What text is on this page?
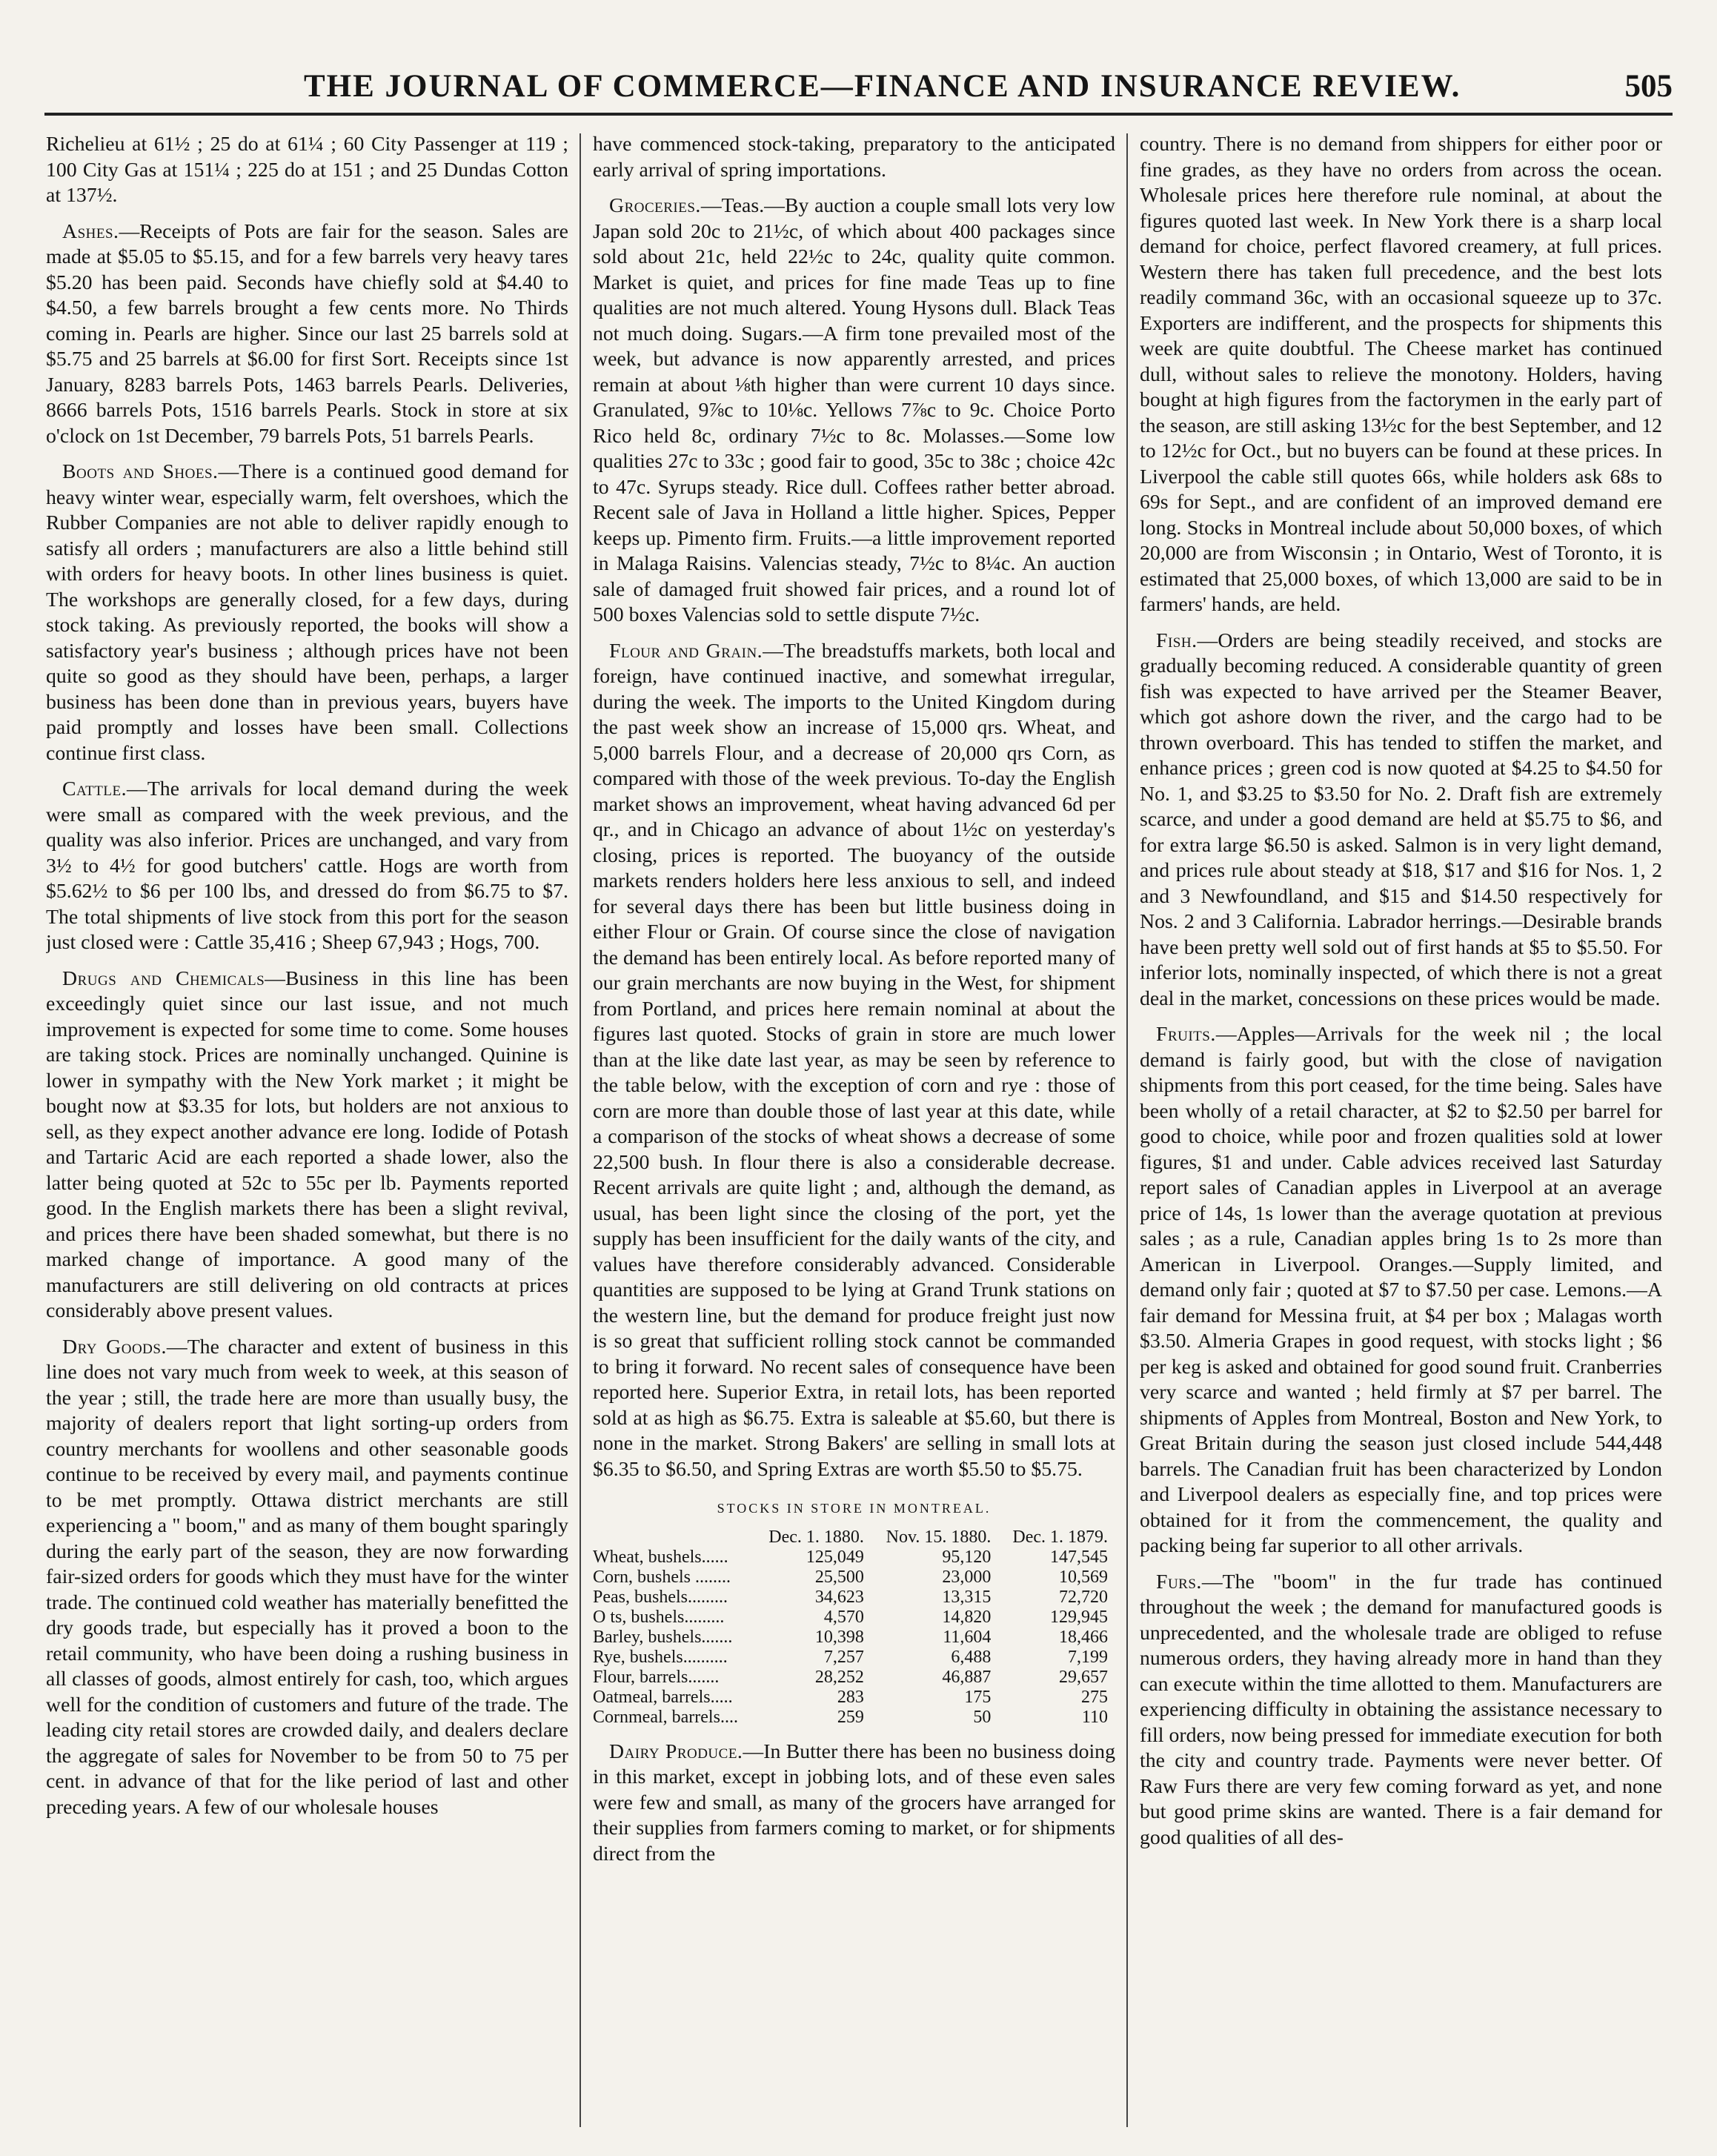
THE JOURNAL OF COMMERCE—FINANCE AND INSURANCE REVIEW.	505

Richelieu at 61½ ; 25 do at 61¼ ; 60 City Passenger at 119 ; 100 City Gas at 151¼ ; 225 do at 151 ; and 25 Dundas Cotton at 137½.

Ashes.—Receipts of Pots are fair for the season. Sales are made at $5.05 to $5.15, and for a few barrels very heavy tares $5.20 has been paid. Seconds have chiefly sold at $4.40 to $4.50, a few barrels brought a few cents more. No Thirds coming in. Pearls are higher. Since our last 25 barrels sold at $5.75 and 25 barrels at $6.00 for first Sort. Receipts since 1st January, 8283 barrels Pots, 1463 barrels Pearls. Deliveries, 8666 barrels Pots, 1516 barrels Pearls. Stock in store at six o'clock on 1st December, 79 barrels Pots, 51 barrels Pearls.

Boots and Shoes.—There is a continued good demand for heavy winter wear, especially warm, felt overshoes, which the Rubber Companies are not able to deliver rapidly enough to satisfy all orders ; manufacturers are also a little behind still with orders for heavy boots. In other lines business is quiet. The workshops are generally closed, for a few days, during stock taking. As previously reported, the books will show a satisfactory year's business ; although prices have not been quite so good as they should have been, perhaps, a larger business has been done than in previous years, buyers have paid promptly and losses have been small. Collections continue first class.

Cattle.—The arrivals for local demand during the week were small as compared with the week previous, and the quality was also inferior. Prices are unchanged, and vary from 3½ to 4½ for good butchers' cattle. Hogs are worth from $5.62½ to $6 per 100 lbs, and dressed do from $6.75 to $7. The total shipments of live stock from this port for the season just closed were : Cattle 35,416 ; Sheep 67,943 ; Hogs, 700.

Drugs and Chemicals—Business in this line has been exceedingly quiet since our last issue, and not much improvement is expected for some time to come. Some houses are taking stock. Prices are nominally unchanged. Quinine is lower in sympathy with the New York market ; it might be bought now at $3.35 for lots, but holders are not anxious to sell, as they expect another advance ere long. Iodide of Potash and Tartaric Acid are each reported a shade lower, also the latter being quoted at 52c to 55c per lb. Payments reported good. In the English markets there has been a slight revival, and prices there have been shaded somewhat, but there is no marked change of importance. A good many of the manufacturers are still delivering on old contracts at prices considerably above present values.

Dry Goods.—The character and extent of business in this line does not vary much from week to week, at this season of the year ; still, the trade here are more than usually busy, the majority of dealers report that light sorting-up orders from country merchants for woollens and other seasonable goods continue to be received by every mail, and payments continue to be met promptly. Ottawa district merchants are still experiencing a " boom," and as many of them bought sparingly during the early part of the season, they are now forwarding fair-sized orders for goods which they must have for the winter trade. The continued cold weather has materially benefitted the dry goods trade, but especially has it proved a boon to the retail community, who have been doing a rushing business in all classes of goods, almost entirely for cash, too, which argues well for the condition of customers and future of the trade. The leading city retail stores are crowded daily, and dealers declare the aggregate of sales for November to be from 50 to 75 per cent. in advance of that for the like period of last and other preceding years. A few of our wholesale houses

have commenced stock-taking, preparatory to the anticipated early arrival of spring importations.

Groceries.—Teas.—By auction a couple small lots very low Japan sold 20c to 21½c, of which about 400 packages since sold about 21c, held 22½c to 24c, quality quite common. Market is quiet, and prices for fine made Teas up to fine qualities are not much altered. Young Hysons dull. Black Teas not much doing. Sugars.—A firm tone prevailed most of the week, but advance is now apparently arrested, and prices remain at about ⅛th higher than were current 10 days since. Granulated, 9⅞c to 10⅛c. Yellows 7⅞c to 9c. Choice Porto Rico held 8c, ordinary 7½c to 8c. Molasses.—Some low qualities 27c to 33c ; good fair to good, 35c to 38c ; choice 42c to 47c. Syrups steady. Rice dull. Coffees rather better abroad. Recent sale of Java in Holland a little higher. Spices, Pepper keeps up. Pimento firm. Fruits.—a little improvement reported in Malaga Raisins. Valencias steady, 7½c to 8¼c. An auction sale of damaged fruit showed fair prices, and a round lot of 500 boxes Valencias sold to settle dispute 7½c.

Flour and Grain.—The breadstuffs markets, both local and foreign, have continued inactive, and somewhat irregular, during the week. The imports to the United Kingdom during the past week show an increase of 15,000 qrs. Wheat, and 5,000 barrels Flour, and a decrease of 20,000 qrs Corn, as compared with those of the week previous. To-day the English market shows an improvement, wheat having advanced 6d per qr., and in Chicago an advance of about 1½c on yesterday's closing, prices is reported. The buoyancy of the outside markets renders holders here less anxious to sell, and indeed for several days there has been but little business doing in either Flour or Grain. Of course since the close of navigation the demand has been entirely local. As before reported many of our grain merchants are now buying in the West, for shipment from Portland, and prices here remain nominal at about the figures last quoted. Stocks of grain in store are much lower than at the like date last year, as may be seen by reference to the table below, with the exception of corn and rye : those of corn are more than double those of last year at this date, while a comparison of the stocks of wheat shows a decrease of some 22,500 bush. In flour there is also a considerable decrease. Recent arrivals are quite light ; and, although the demand, as usual, has been light since the closing of the port, yet the supply has been insufficient for the daily wants of the city, and values have therefore considerably advanced. Considerable quantities are supposed to be lying at Grand Trunk stations on the western line, but the demand for produce freight just now is so great that sufficient rolling stock cannot be commanded to bring it forward. No recent sales of consequence have been reported here. Superior Extra, in retail lots, has been reported sold at as high as $6.75. Extra is saleable at $5.60, but there is none in the market. Strong Bakers' are selling in small lots at $6.35 to $6.50, and Spring Extras are worth $5.50 to $5.75.

STOCKS IN STORE IN MONTREAL.
	Dec. 1. 1880.	Nov. 15. 1880.	Dec. 1. 1879.
Wheat, bushels......	125,049	95,120	147,545
Corn, bushels ........	25,500	23,000	10,569
Peas, bushels.........	34,623	13,315	72,720
O ts, bushels.........	4,570	14,820	129,945
Barley, bushels.......	10,398	11,604	18,466
Rye, bushels..........	7,257	6,488	7,199
Flour, barrels.......	28,252	46,887	29,657
Oatmeal, barrels.....	283	175	275
Cornmeal, barrels....	259	50	110

Dairy Produce.—In Butter there has been no business doing in this market, except in jobbing lots, and of these even sales were few and small, as many of the grocers have arranged for their supplies from farmers coming to market, or for shipments direct from the

country. There is no demand from shippers for either poor or fine grades, as they have no orders from across the ocean. Wholesale prices here therefore rule nominal, at about the figures quoted last week. In New York there is a sharp local demand for choice, perfect flavored creamery, at full prices. Western there has taken full precedence, and the best lots readily command 36c, with an occasional squeeze up to 37c. Exporters are indifferent, and the prospects for shipments this week are quite doubtful. The Cheese market has continued dull, without sales to relieve the monotony. Holders, having bought at high figures from the factorymen in the early part of the season, are still asking 13½c for the best September, and 12 to 12½c for Oct., but no buyers can be found at these prices. In Liverpool the cable still quotes 66s, while holders ask 68s to 69s for Sept., and are confident of an improved demand ere long. Stocks in Montreal include about 50,000 boxes, of which 20,000 are from Wisconsin ; in Ontario, West of Toronto, it is estimated that 25,000 boxes, of which 13,000 are said to be in farmers' hands, are held.

Fish.—Orders are being steadily received, and stocks are gradually becoming reduced. A considerable quantity of green fish was expected to have arrived per the Steamer Beaver, which got ashore down the river, and the cargo had to be thrown overboard. This has tended to stiffen the market, and enhance prices ; green cod is now quoted at $4.25 to $4.50 for No. 1, and $3.25 to $3.50 for No. 2. Draft fish are extremely scarce, and under a good demand are held at $5.75 to $6, and for extra large $6.50 is asked. Salmon is in very light demand, and prices rule about steady at $18, $17 and $16 for Nos. 1, 2 and 3 Newfoundland, and $15 and $14.50 respectively for Nos. 2 and 3 California. Labrador herrings.—Desirable brands have been pretty well sold out of first hands at $5 to $5.50. For inferior lots, nominally inspected, of which there is not a great deal in the market, concessions on these prices would be made.

Fruits.—Apples—Arrivals for the week nil ; the local demand is fairly good, but with the close of navigation shipments from this port ceased, for the time being. Sales have been wholly of a retail character, at $2 to $2.50 per barrel for good to choice, while poor and frozen qualities sold at lower figures, $1 and under. Cable advices received last Saturday report sales of Canadian apples in Liverpool at an average price of 14s, 1s lower than the average quotation at previous sales ; as a rule, Canadian apples bring 1s to 2s more than American in Liverpool. Oranges.—Supply limited, and demand only fair ; quoted at $7 to $7.50 per case. Lemons.—A fair demand for Messina fruit, at $4 per box ; Malagas worth $3.50. Almeria Grapes in good request, with stocks light ; $6 per keg is asked and obtained for good sound fruit. Cranberries very scarce and wanted ; held firmly at $7 per barrel. The shipments of Apples from Montreal, Boston and New York, to Great Britain during the season just closed include 544,448 barrels. The Canadian fruit has been characterized by London and Liverpool dealers as especially fine, and top prices were obtained for it from the commencement, the quality and packing being far superior to all other arrivals.

Furs.—The "boom" in the fur trade has continued throughout the week ; the demand for manufactured goods is unprecedented, and the wholesale trade are obliged to refuse numerous orders, they having already more in hand than they can execute within the time allotted to them. Manufacturers are experiencing difficulty in obtaining the assistance necessary to fill orders, now being pressed for immediate execution for both the city and country trade. Payments were never better. Of Raw Furs there are very few coming forward as yet, and none but good prime skins are wanted. There is a fair demand for good qualities of all des-
